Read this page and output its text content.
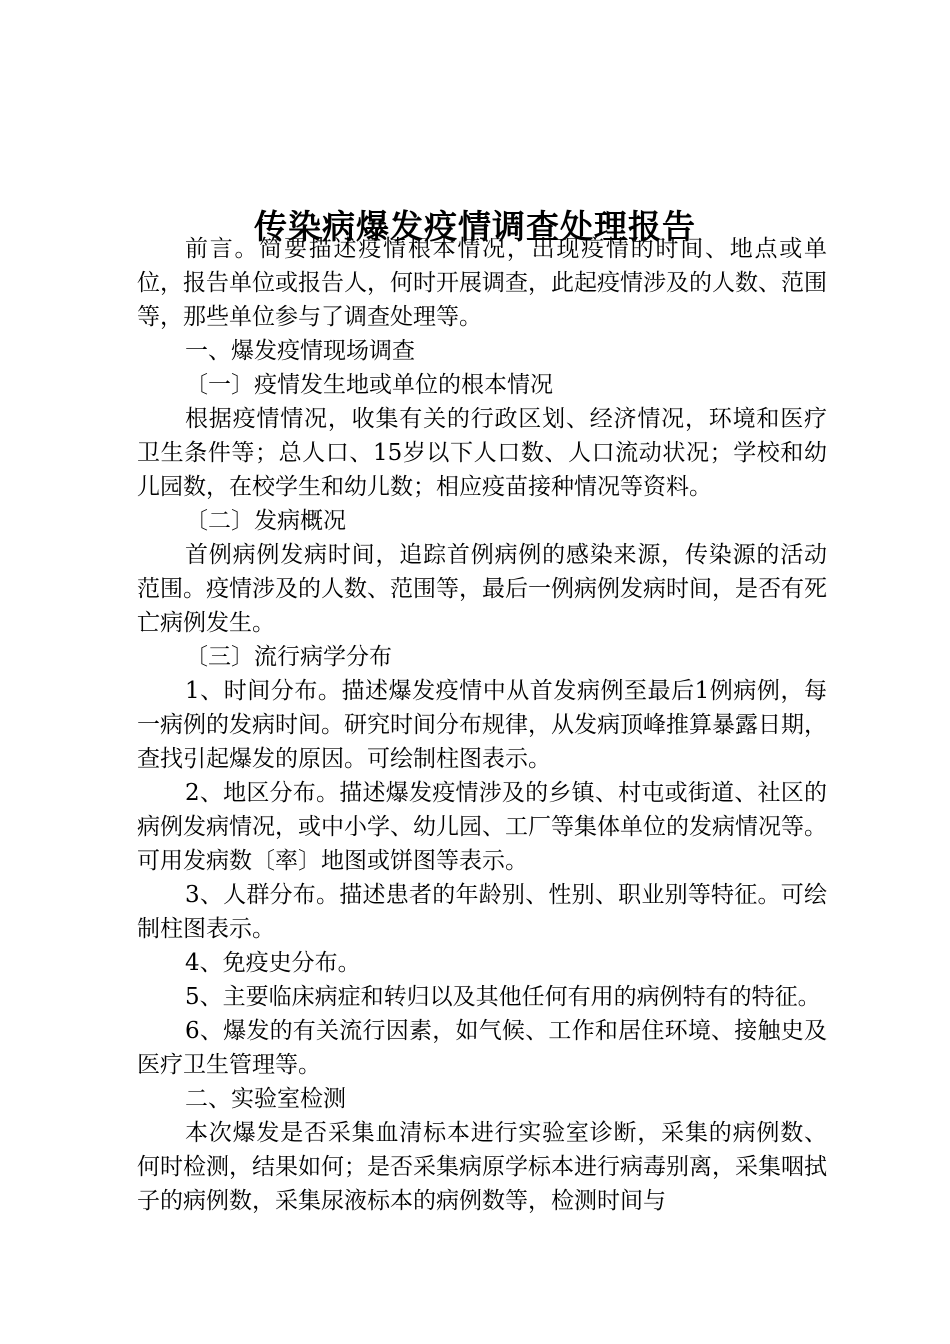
传染病爆发疫情调查处理报告

前言。简要描述疫情根本情况，出现疫情的时间、地点或单位，报告单位或报告人，何时开展调查，此起疫情涉及的人数、范围等，那些单位参与了调查处理等。

一、爆发疫情现场调查

〔一〕疫情发生地或单位的根本情况

根据疫情情况，收集有关的行政区划、经济情况，环境和医疗卫生条件等；总人口、15岁以下人口数、人口流动状况；学校和幼儿园数，在校学生和幼儿数；相应疫苗接种情况等资料。

〔二〕发病概况

首例病例发病时间，追踪首例病例的感染来源，传染源的活动范围。疫情涉及的人数、范围等，最后一例病例发病时间，是否有死亡病例发生。

〔三〕流行病学分布

1、时间分布。描述爆发疫情中从首发病例至最后1例病例，每一病例的发病时间。研究时间分布规律，从发病顶峰推算暴露日期，查找引起爆发的原因。可绘制柱图表示。

2、地区分布。描述爆发疫情涉及的乡镇、村屯或街道、社区的病例发病情况，或中小学、幼儿园、工厂等集体单位的发病情况等。可用发病数〔率〕地图或饼图等表示。

3、人群分布。描述患者的年龄别、性别、职业别等特征。可绘制柱图表示。

4、免疫史分布。

5、主要临床病症和转归以及其他任何有用的病例特有的特征。

6、爆发的有关流行因素，如气候、工作和居住环境、接触史及医疗卫生管理等。

二、实验室检测

本次爆发是否采集血清标本进行实验室诊断，采集的病例数、何时检测，结果如何；是否采集病原学标本进行病毒别离，采集咽拭子的病例数，采集尿液标本的病例数等，检测时间与
